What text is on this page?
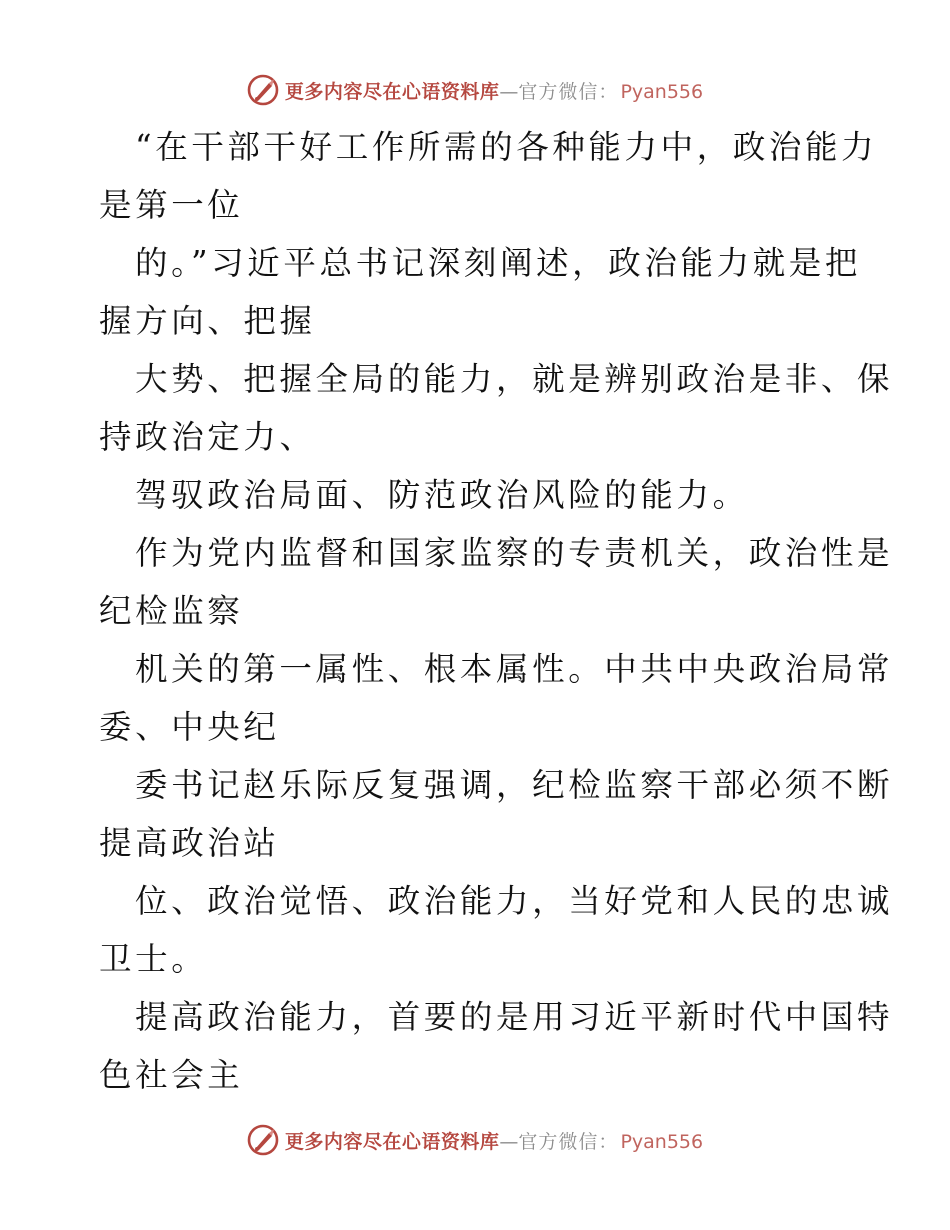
更多内容尽在心语资料库 — 官方微信： Pyan556
“在干部干好工作所需的各种能力中，政治能力
是第一位
的。”习近平总书记深刻阐述，政治能力就是把
握方向、把握
大势、把握全局的能力，就是辨别政治是非、保
持政治定力、
驾驭政治局面、防范政治风险的能力。
作为党内监督和国家监察的专责机关，政治性是
纪检监察
机关的第一属性、根本属性。中共中央政治局常
委、中央纪
委书记赵乐际反复强调，纪检监察干部必须不断
提高政治站
位、政治觉悟、政治能力，当好党和人民的忠诚
卫士。
提高政治能力，首要的是用习近平新时代中国特
色社会主
更多内容尽在心语资料库 — 官方微信： Pyan556
